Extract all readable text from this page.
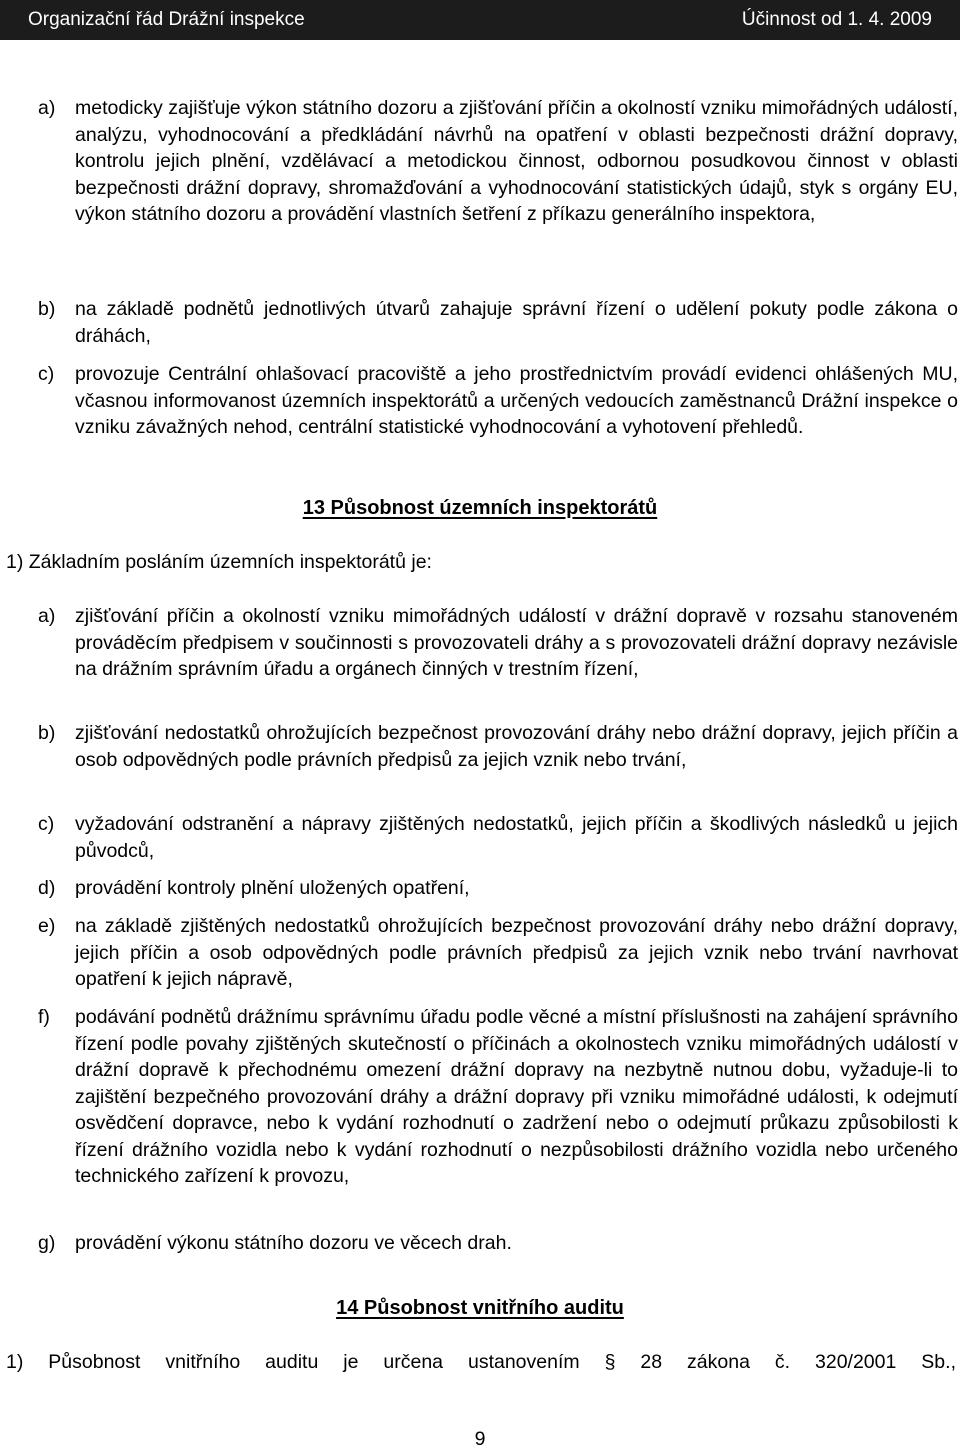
Organizační řád Drážní inspekce	Účinnost od 1. 4. 2009
a)	metodicky zajišťuje výkon státního dozoru a zjišťování příčin a okolností vzniku mimořádných událostí, analýzu, vyhodnocování a předkládání návrhů na opatření v oblasti bezpečnosti drážní dopravy, kontrolu jejich plnění, vzdělávací a metodickou činnost, odbornou posudkovou činnost v oblasti bezpečnosti drážní dopravy, shromažďování a vyhodnocování statistických údajů, styk s orgány EU, výkon státního dozoru a provádění vlastních šetření z příkazu generálního inspektora,
b)	na základě podnětů jednotlivých útvarů zahajuje správní řízení o udělení pokuty podle zákona o dráhách,
c)	provozuje Centrální ohlašovací pracoviště a jeho prostřednictvím provádí evidenci ohlášených MU, včasnou informovanost územních inspektorátů a určených vedoucích zaměstnanců Drážní inspekce o vzniku závažných nehod, centrální statistické vyhodnocování a vyhotovení přehledů.
13 Působnost územních inspektorátů
1) Základním posláním územních inspektorátů je:
a)	zjišťování příčin a okolností vzniku mimořádných událostí v drážní dopravě v rozsahu stanoveném prováděcím předpisem v součinnosti s provozovateli dráhy a s provozovateli drážní dopravy nezávisle na drážním správním úřadu a orgánech činných v trestním řízení,
b)	zjišťování nedostatků ohrožujících bezpečnost provozování dráhy nebo drážní dopravy, jejich příčin a osob odpovědných podle právních předpisů za jejich vznik nebo trvání,
c)	vyžadování odstranění a nápravy zjištěných nedostatků, jejich příčin a škodlivých následků u jejich původců,
d)	provádění kontroly plnění uložených opatření,
e)	na základě zjištěných nedostatků ohrožujících bezpečnost provozování dráhy nebo drážní dopravy, jejich příčin a osob odpovědných podle právních předpisů za jejich vznik nebo trvání navrhovat opatření k jejich nápravě,
f)	podávání podnětů drážnímu správnímu úřadu podle věcné a místní příslušnosti na zahájení správního řízení podle povahy zjištěných skutečností o příčinách a okolnostech vzniku mimořádných událostí v drážní dopravě k přechodnému omezení drážní dopravy na nezbytně nutnou dobu, vyžaduje-li to zajištění bezpečného provozování dráhy a drážní dopravy při vzniku mimořádné události, k odejmutí osvědčení dopravce, nebo k vydání rozhodnutí o zadržení nebo o odejmutí průkazu způsobilosti k řízení drážního vozidla nebo k vydání rozhodnutí o nezpůsobilosti drážního vozidla nebo určeného technického zařízení k provozu,
g)	provádění výkonu státního dozoru ve věcech drah.
14 Působnost vnitřního auditu
1) Působnost vnitřního auditu je určena ustanovením § 28 zákona č. 320/2001 Sb.,
9
